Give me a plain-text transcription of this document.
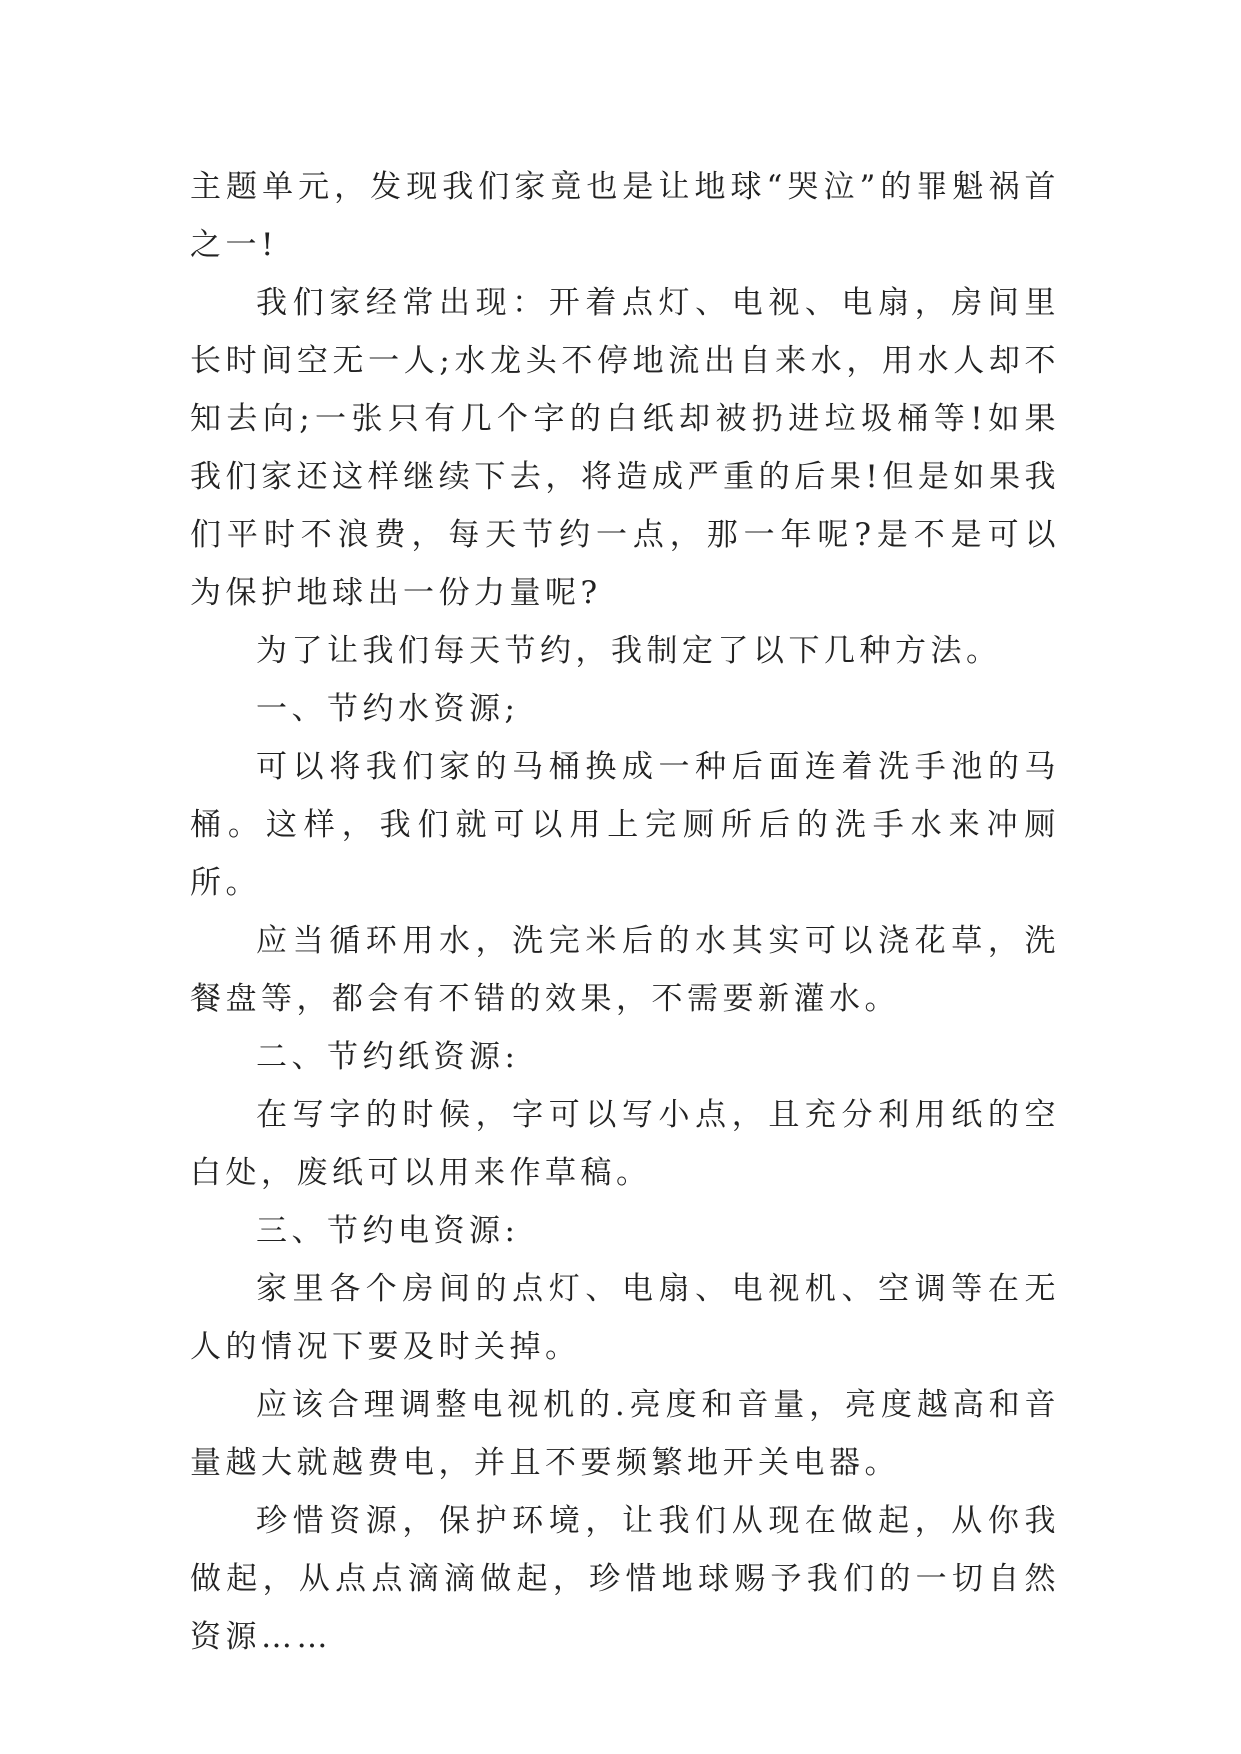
主题单元，发现我们家竟也是让地球“哭泣”的罪魁祸首之一!

我们家经常出现：开着点灯、电视、电扇，房间里长时间空无一人;水龙头不停地流出自来水，用水人却不知去向;一张只有几个字的白纸却被扔进垃圾桶等!如果我们家还这样继续下去，将造成严重的后果!但是如果我们平时不浪费，每天节约一点，那一年呢?是不是可以为保护地球出一份力量呢?

为了让我们每天节约，我制定了以下几种方法。

一、节约水资源;

可以将我们家的马桶换成一种后面连着洗手池的马桶。这样，我们就可以用上完厕所后的洗手水来冲厕所。

应当循环用水，洗完米后的水其实可以浇花草，洗餐盘等，都会有不错的效果，不需要新灌水。

二、节约纸资源:

在写字的时候，字可以写小点，且充分利用纸的空白处，废纸可以用来作草稿。

三、节约电资源:

家里各个房间的点灯、电扇、电视机、空调等在无人的情况下要及时关掉。

应该合理调整电视机的.亮度和音量，亮度越高和音量越大就越费电，并且不要频繁地开关电器。

珍惜资源，保护环境，让我们从现在做起，从你我做起，从点点滴滴做起，珍惜地球赐予我们的一切自然资源……
